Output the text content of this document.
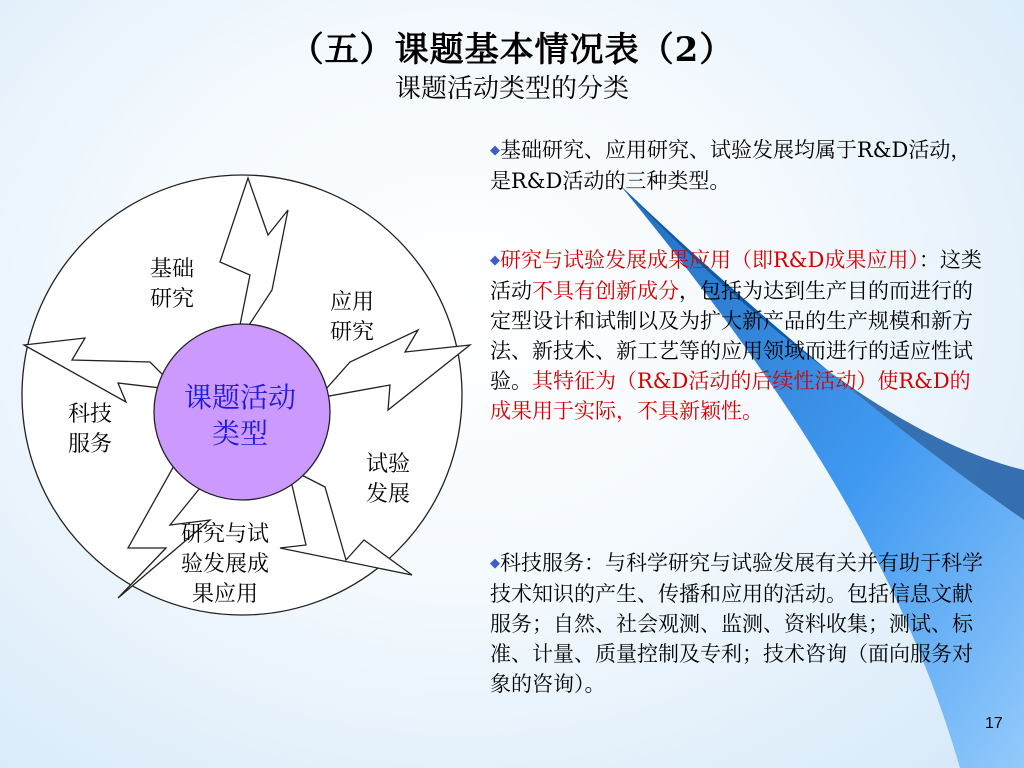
（五）课题基本情况表（2）
课题活动类型的分类
课题活动
类型
基础
研究	应用
研究
试验
发展
研究与试
验发展成
果应用
科技
服务
◆基础研究、应用研究、试验发展均属于R&D活动，是R&D活动的三种类型。
◆研究与试验发展成果应用（即R&D成果应用）：这类活动不具有创新成分，包括为达到生产目的而进行的定型设计和试制以及为扩大新产品的生产规模和新方法、新技术、新工艺等的应用领域而进行的适应性试验。其特征为（R&D活动的后续性活动）使R&D的成果用于实际，不具新颖性。
◆科技服务：与科学研究与试验发展有关并有助于科学技术知识的产生、传播和应用的活动。包括信息文献服务；自然、社会观测、监测、资料收集；测试、标准、计量、质量控制及专利；技术咨询（面向服务对象的咨询）。
17
